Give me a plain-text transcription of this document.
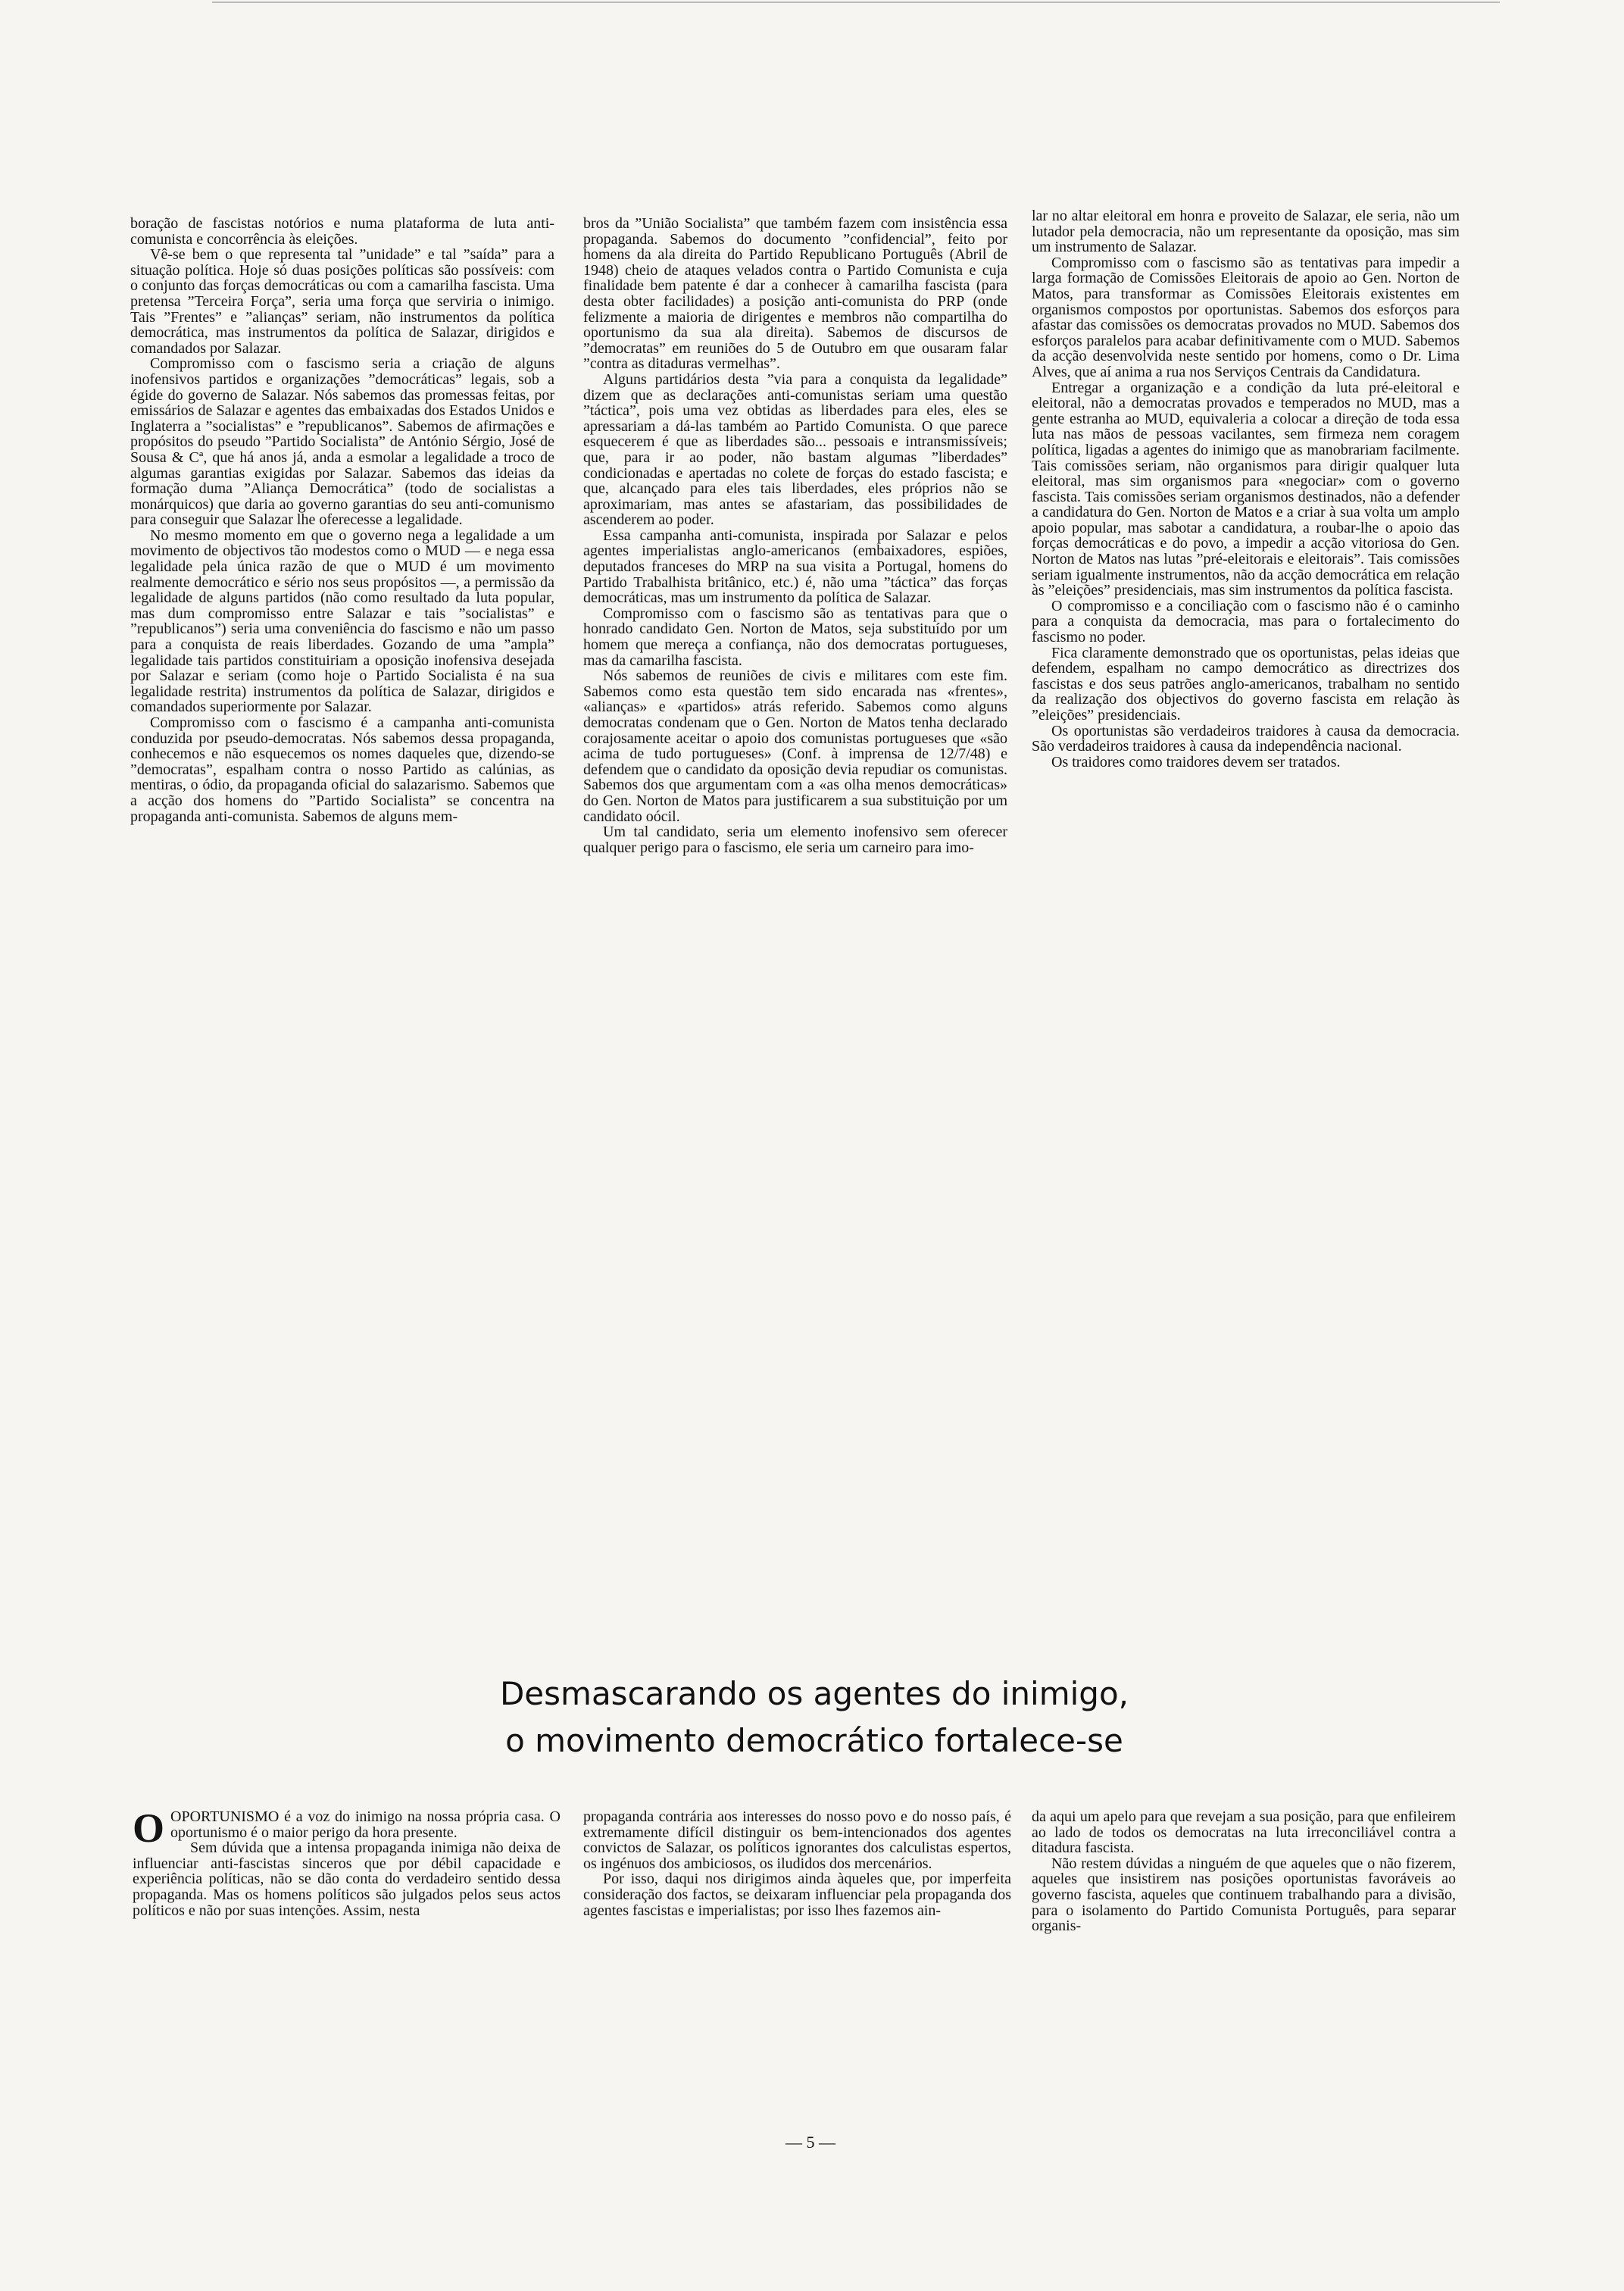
boração de fascistas notórios e numa plataforma de luta anti-comunista e concorrência às eleições.

Vê-se bem o que representa tal ”unidade” e tal ”saída” para a situação política. Hoje só duas posições políticas são possíveis: com o conjunto das forças democráticas ou com a camarilha fascista. Uma pretensa ”Terceira Força”, seria uma força que serviria o inimigo. Tais ”Frentes” e ”alianças” seriam, não instrumentos da política democrática, mas instrumentos da política de Salazar, dirigidos e comandados por Salazar.

Compromisso com o fascismo seria a criação de alguns inofensivos partidos e organizações ”democráticas” legais, sob a égide do governo de Salazar. Nós sabemos das promessas feitas, por emissários de Salazar e agentes das embaixadas dos Estados Unidos e Inglaterra a ”socialistas” e ”republicanos”. Sabemos de afirmações e propósitos do pseudo ”Partido Socialista” de António Sérgio, José de Sousa & Cª, que há anos já, anda a esmolar a legalidade a troco de algumas garantias exigidas por Salazar. Sabemos das ideias da formação duma ”Aliança Democrática” (todo de socialistas a monárquicos) que daria ao governo garantias do seu anti-comunismo para conseguir que Salazar lhe oferecesse a legalidade.

No mesmo momento em que o governo nega a legalidade a um movimento de objectivos tão modestos como o MUD — e nega essa legalidade pela única razão de que o MUD é um movimento realmente democrático e sério nos seus propósitos —, a permissão da legalidade de alguns partidos (não como resultado da luta popular, mas dum compromisso entre Salazar e tais ”socialistas” e ”republicanos”) seria uma conveniência do fascismo e não um passo para a conquista de reais liberdades. Gozando de uma ”ampla” legalidade tais partidos constituiriam a oposição inofensiva desejada por Salazar e seriam (como hoje o Partido Socialista é na sua legalidade restrita) instrumentos da política de Salazar, dirigidos e comandados superiormente por Salazar.

Compromisso com o fascismo é a campanha anti-comunista conduzida por pseudo-democratas. Nós sabemos dessa propaganda, conhecemos e não esquecemos os nomes daqueles que, dizendo-se ”democratas”, espalham contra o nosso Partido as calúnias, as mentiras, o ódio, da propaganda oficial do salazarismo. Sabemos que a acção dos homens do ”Partido Socialista” se concentra na propaganda anti-comunista. Sabemos de alguns mem-

bros da ”União Socialista” que também fazem com insistência essa propaganda. Sabemos do documento ”confidencial”, feito por homens da ala direita do Partido Republicano Português (Abril de 1948) cheio de ataques velados contra o Partido Comunista e cuja finalidade bem patente é dar a conhecer à camarilha fascista (para desta obter facilidades) a posição anti-comunista do PRP (onde felizmente a maioria de dirigentes e membros não compartilha do oportunismo da sua ala direita). Sabemos de discursos de ”democratas” em reuniões do 5 de Outubro em que ousaram falar ”contra as ditaduras vermelhas”.

Alguns partidários desta ”via para a conquista da legalidade” dizem que as declarações anti-comunistas seriam uma questão ”táctica”, pois uma vez obtidas as liberdades para eles, eles se apressariam a dá-las também ao Partido Comunista. O que parece esquecerem é que as liberdades são... pessoais e intransmissíveis; que, para ir ao poder, não bastam algumas ”liberdades” condicionadas e apertadas no colete de forças do estado fascista; e que, alcançado para eles tais liberdades, eles próprios não se aproximariam, mas antes se afastariam, das possibilidades de ascenderem ao poder.

Essa campanha anti-comunista, inspirada por Salazar e pelos agentes imperialistas anglo-americanos (embaixadores, espiões, deputados franceses do MRP na sua visita a Portugal, homens do Partido Trabalhista britânico, etc.) é, não uma ”táctica” das forças democráticas, mas um instrumento da política de Salazar.

Compromisso com o fascismo são as tentativas para que o honrado candidato Gen. Norton de Matos, seja substituído por um homem que mereça a confiança, não dos democratas portugueses, mas da camarilha fascista.

Nós sabemos de reuniões de civis e militares com este fim. Sabemos como esta questão tem sido encarada nas «frentes», «alianças» e «partidos» atrás referido. Sabemos como alguns democratas condenam que o Gen. Norton de Matos tenha declarado corajosamente aceitar o apoio dos comunistas portugueses que «são acima de tudo portugueses» (Conf. à imprensa de 12/7/48) e defendem que o candidato da oposição devia repudiar os comunistas. Sabemos dos que argumentam com a «as olha menos democráticas» do Gen. Norton de Matos para justificarem a sua substituição por um candidato oócil.

Um tal candidato, seria um elemento inofensivo sem oferecer qualquer perigo para o fascismo, ele seria um carneiro para imo-

lar no altar eleitoral em honra e proveito de Salazar, ele seria, não um lutador pela democracia, não um representante da oposição, mas sim um instrumento de Salazar.

Compromisso com o fascismo são as tentativas para impedir a larga formação de Comissões Eleitorais de apoio ao Gen. Norton de Matos, para transformar as Comissões Eleitorais existentes em organismos compostos por oportunistas. Sabemos dos esforços para afastar das comissões os democratas provados no MUD. Sabemos dos esforços paralelos para acabar definitivamente com o MUD. Sabemos da acção desenvolvida neste sentido por homens, como o Dr. Lima Alves, que aí anima a rua nos Serviços Centrais da Candidatura.

Entregar a organização e a condição da luta pré-eleitoral e eleitoral, não a democratas provados e temperados no MUD, mas a gente estranha ao MUD, equivaleria a colocar a direção de toda essa luta nas mãos de pessoas vacilantes, sem firmeza nem coragem política, ligadas a agentes do inimigo que as manobrariam facilmente. Tais comissões seriam, não organismos para dirigir qualquer luta eleitoral, mas sim organismos para «negociar» com o governo fascista. Tais comissões seriam organismos destinados, não a defender a candidatura do Gen. Norton de Matos e a criar à sua volta um amplo apoio popular, mas sabotar a candidatura, a roubar-lhe o apoio das forças democráticas e do povo, a impedir a acção vitoriosa do Gen. Norton de Matos nas lutas ”pré-eleitorais e eleitorais”. Tais comissões seriam igualmente instrumentos, não da acção democrática em relação às ”eleições” presidenciais, mas sim instrumentos da política fascista.

O compromisso e a conciliação com o fascismo não é o caminho para a conquista da democracia, mas para o fortalecimento do fascismo no poder.

Fica claramente demonstrado que os oportunistas, pelas ideias que defendem, espalham no campo democrático as directrizes dos fascistas e dos seus patrões anglo-americanos, trabalham no sentido da realização dos objectivos do governo fascista em relação às ”eleições” presidenciais.

Os oportunistas são verdadeiros traidores à causa da democracia. São verdadeiros traidores à causa da independência nacional.

Os traidores como traidores devem ser tratados.

Desmascarando os agentes do inimigo,
o movimento democrático fortalece-se
O OPORTUNISMO é a voz do inimigo na nossa própria casa. O oportunismo é o maior perigo da hora presente.

Sem dúvida que a intensa propaganda inimiga não deixa de influenciar anti-fascistas sinceros que por débil capacidade e experiência políticas, não se dão conta do verdadeiro sentido dessa propaganda. Mas os homens políticos são julgados pelos seus actos políticos e não por suas intenções. Assim, nesta

propaganda contrária aos interesses do nosso povo e do nosso país, é extremamente difícil distinguir os bem-intencionados dos agentes convictos de Salazar, os políticos ignorantes dos calculistas espertos, os ingénuos dos ambiciosos, os iludidos dos mercenários.

Por isso, daqui nos dirigimos ainda àqueles que, por imperfeita consideração dos factos, se deixaram influenciar pela propaganda dos agentes fascistas e imperialistas; por isso lhes fazemos ain-

da aqui um apelo para que revejam a sua posição, para que enfileirem ao lado de todos os democratas na luta irreconciliável contra a ditadura fascista.

Não restem dúvidas a ninguém de que aqueles que o não fizerem, aqueles que insistirem nas posições oportunistas favoráveis ao governo fascista, aqueles que continuem trabalhando para a divisão, para o isolamento do Partido Comunista Português, para separar organis-

— 5 —
